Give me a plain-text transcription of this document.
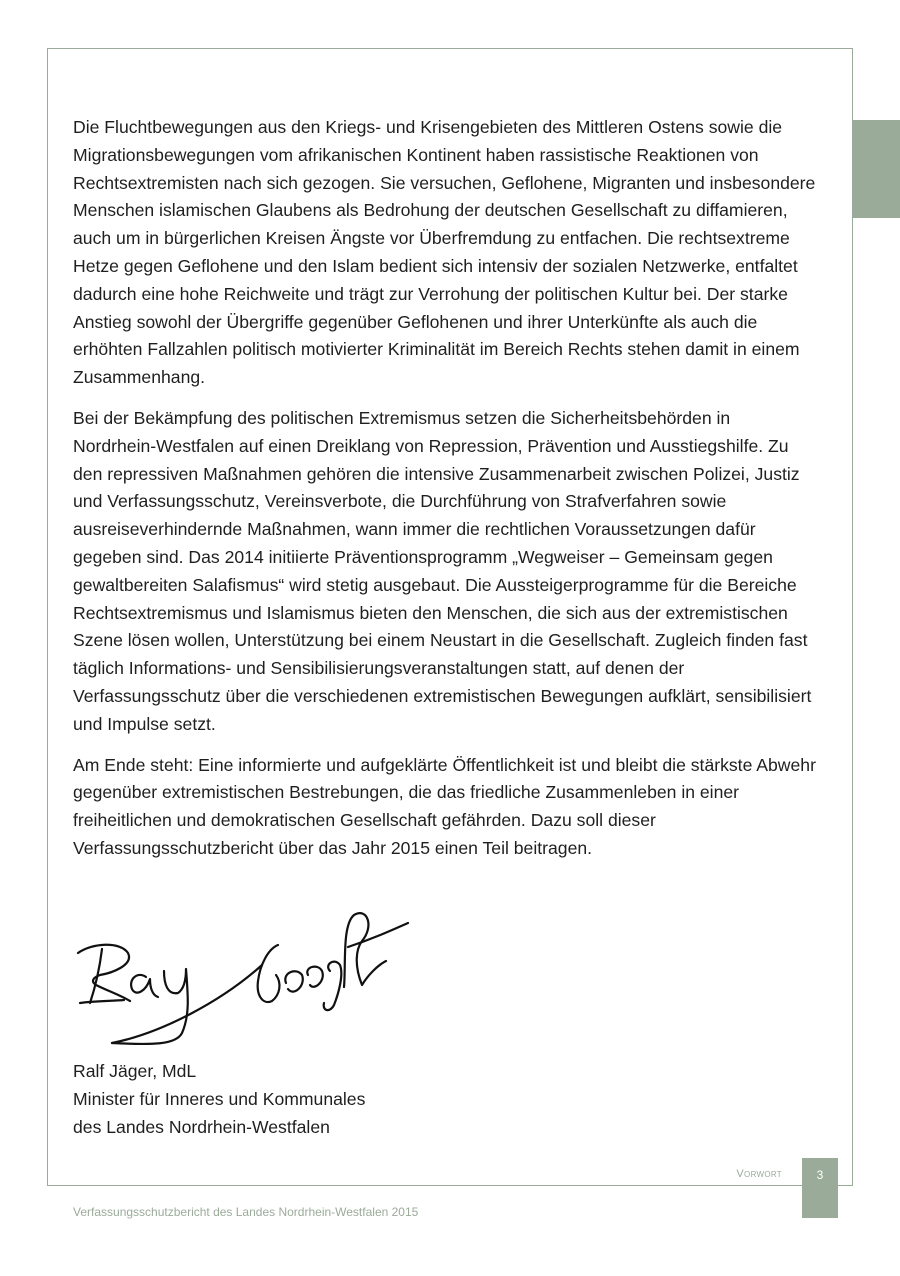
Die Fluchtbewegungen aus den Kriegs- und Krisengebieten des Mittleren Ostens sowie die Migrationsbewegungen vom afrikanischen Kontinent haben rassistische Reaktionen von Rechtsextremisten nach sich gezogen. Sie versuchen, Geflohene, Migranten und insbesondere Menschen islamischen Glaubens als Bedrohung der deutschen Gesellschaft zu diffamieren, auch um in bürgerlichen Kreisen Ängste vor Überfremdung zu entfachen. Die rechtsextreme Hetze gegen Geflohene und den Islam bedient sich intensiv der sozialen Netzwerke, entfaltet dadurch eine hohe Reichweite und trägt zur Verrohung der politischen Kultur bei. Der starke Anstieg sowohl der Übergriffe gegenüber Geflohenen und ihrer Unterkünfte als auch die erhöhten Fallzahlen politisch motivierter Kriminalität im Bereich Rechts stehen damit in einem Zusammenhang.

Bei der Bekämpfung des politischen Extremismus setzen die Sicherheitsbehörden in Nordrhein-Westfalen auf einen Dreiklang von Repression, Prävention und Ausstiegshilfe. Zu den repressiven Maßnahmen gehören die intensive Zusammenarbeit zwischen Polizei, Justiz und Verfassungsschutz, Vereinsverbote, die Durchführung von Strafverfahren sowie ausreiseverhindernde Maßnahmen, wann immer die rechtlichen Voraussetzungen dafür gegeben sind. Das 2014 initiierte Präventionsprogramm „Wegweiser – Gemeinsam gegen gewaltbereiten Salafismus“ wird stetig ausgebaut. Die Aussteigerprogramme für die Bereiche Rechtsextremismus und Islamismus bieten den Menschen, die sich aus der extremistischen Szene lösen wollen, Unterstützung bei einem Neustart in die Gesellschaft. Zugleich finden fast täglich Informations- und Sensibilisierungsveranstaltungen statt, auf denen der Verfassungsschutz über die verschiedenen extremistischen Bewegungen aufklärt, sensibilisiert und Impulse setzt.

Am Ende steht: Eine informierte und aufgeklärte Öffentlichkeit ist und bleibt die stärkste Abwehr gegenüber extremistischen Bestrebungen, die das friedliche Zusammenleben in einer freiheitlichen und demokratischen Gesellschaft gefährden. Dazu soll dieser Verfassungsschutzbericht über das Jahr 2015 einen Teil beitragen.

Ralf Jäger
Ralf Jäger, MdL
Minister für Inneres und Kommunales
des Landes Nordrhein-Westfalen
Vorwort	3
Verfassungsschutzbericht des Landes Nordrhein-Westfalen 2015
